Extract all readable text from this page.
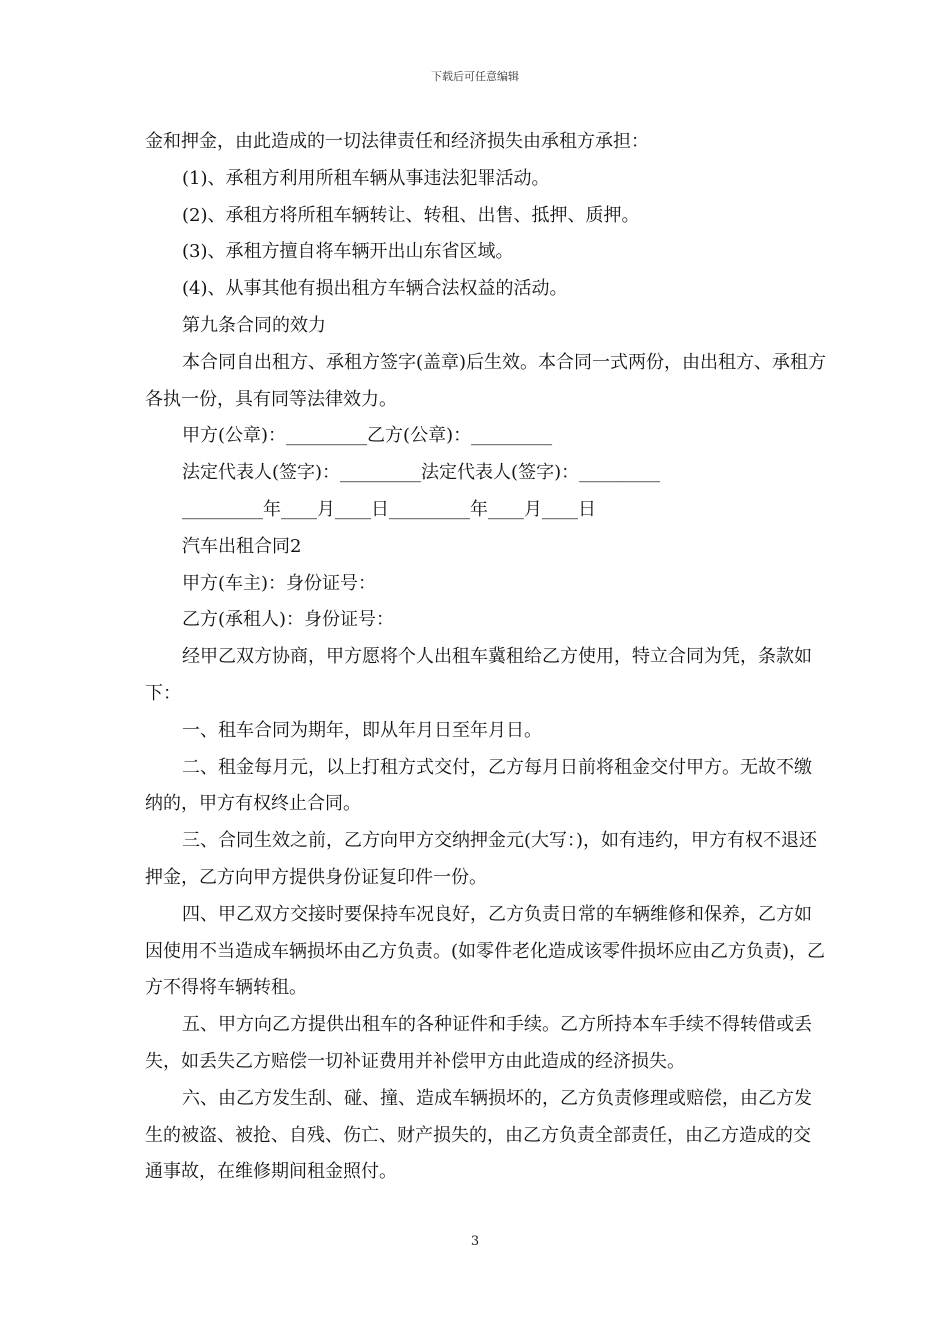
下载后可任意编辑

金和押金，由此造成的一切法律责任和经济损失由承租方承担：

(1)、承租方利用所租车辆从事违法犯罪活动。

(2)、承租方将所租车辆转让、转租、出售、抵押、质押。

(3)、承租方擅自将车辆开出山东省区域。

(4)、从事其他有损出租方车辆合法权益的活动。

第九条合同的效力

本合同自出租方、承租方签字(盖章)后生效。本合同一式两份，由出租方、承租方各执一份，具有同等法律效力。

甲方(公章)：_________乙方(公章)：_________

法定代表人(签字)：_________法定代表人(签字)：_________

_________年____月____日_________年____月____日

汽车出租合同2

甲方(车主)：身份证号：

乙方(承租人)：身份证号：

经甲乙双方协商，甲方愿将个人出租车冀租给乙方使用，特立合同为凭，条款如下：

一、租车合同为期年，即从年月日至年月日。

二、租金每月元，以上打租方式交付，乙方每月日前将租金交付甲方。无故不缴纳的，甲方有权终止合同。

三、合同生效之前，乙方向甲方交纳押金元(大写：)，如有违约，甲方有权不退还押金，乙方向甲方提供身份证复印件一份。

四、甲乙双方交接时要保持车况良好，乙方负责日常的车辆维修和保养，乙方如因使用不当造成车辆损坏由乙方负责。(如零件老化造成该零件损坏应由乙方负责)，乙方不得将车辆转租。

五、甲方向乙方提供出租车的各种证件和手续。乙方所持本车手续不得转借或丢失，如丢失乙方赔偿一切补证费用并补偿甲方由此造成的经济损失。

六、由乙方发生刮、碰、撞、造成车辆损坏的，乙方负责修理或赔偿，由乙方发生的被盗、被抢、自残、伤亡、财产损失的，由乙方负责全部责任，由乙方造成的交通事故，在维修期间租金照付。

3
